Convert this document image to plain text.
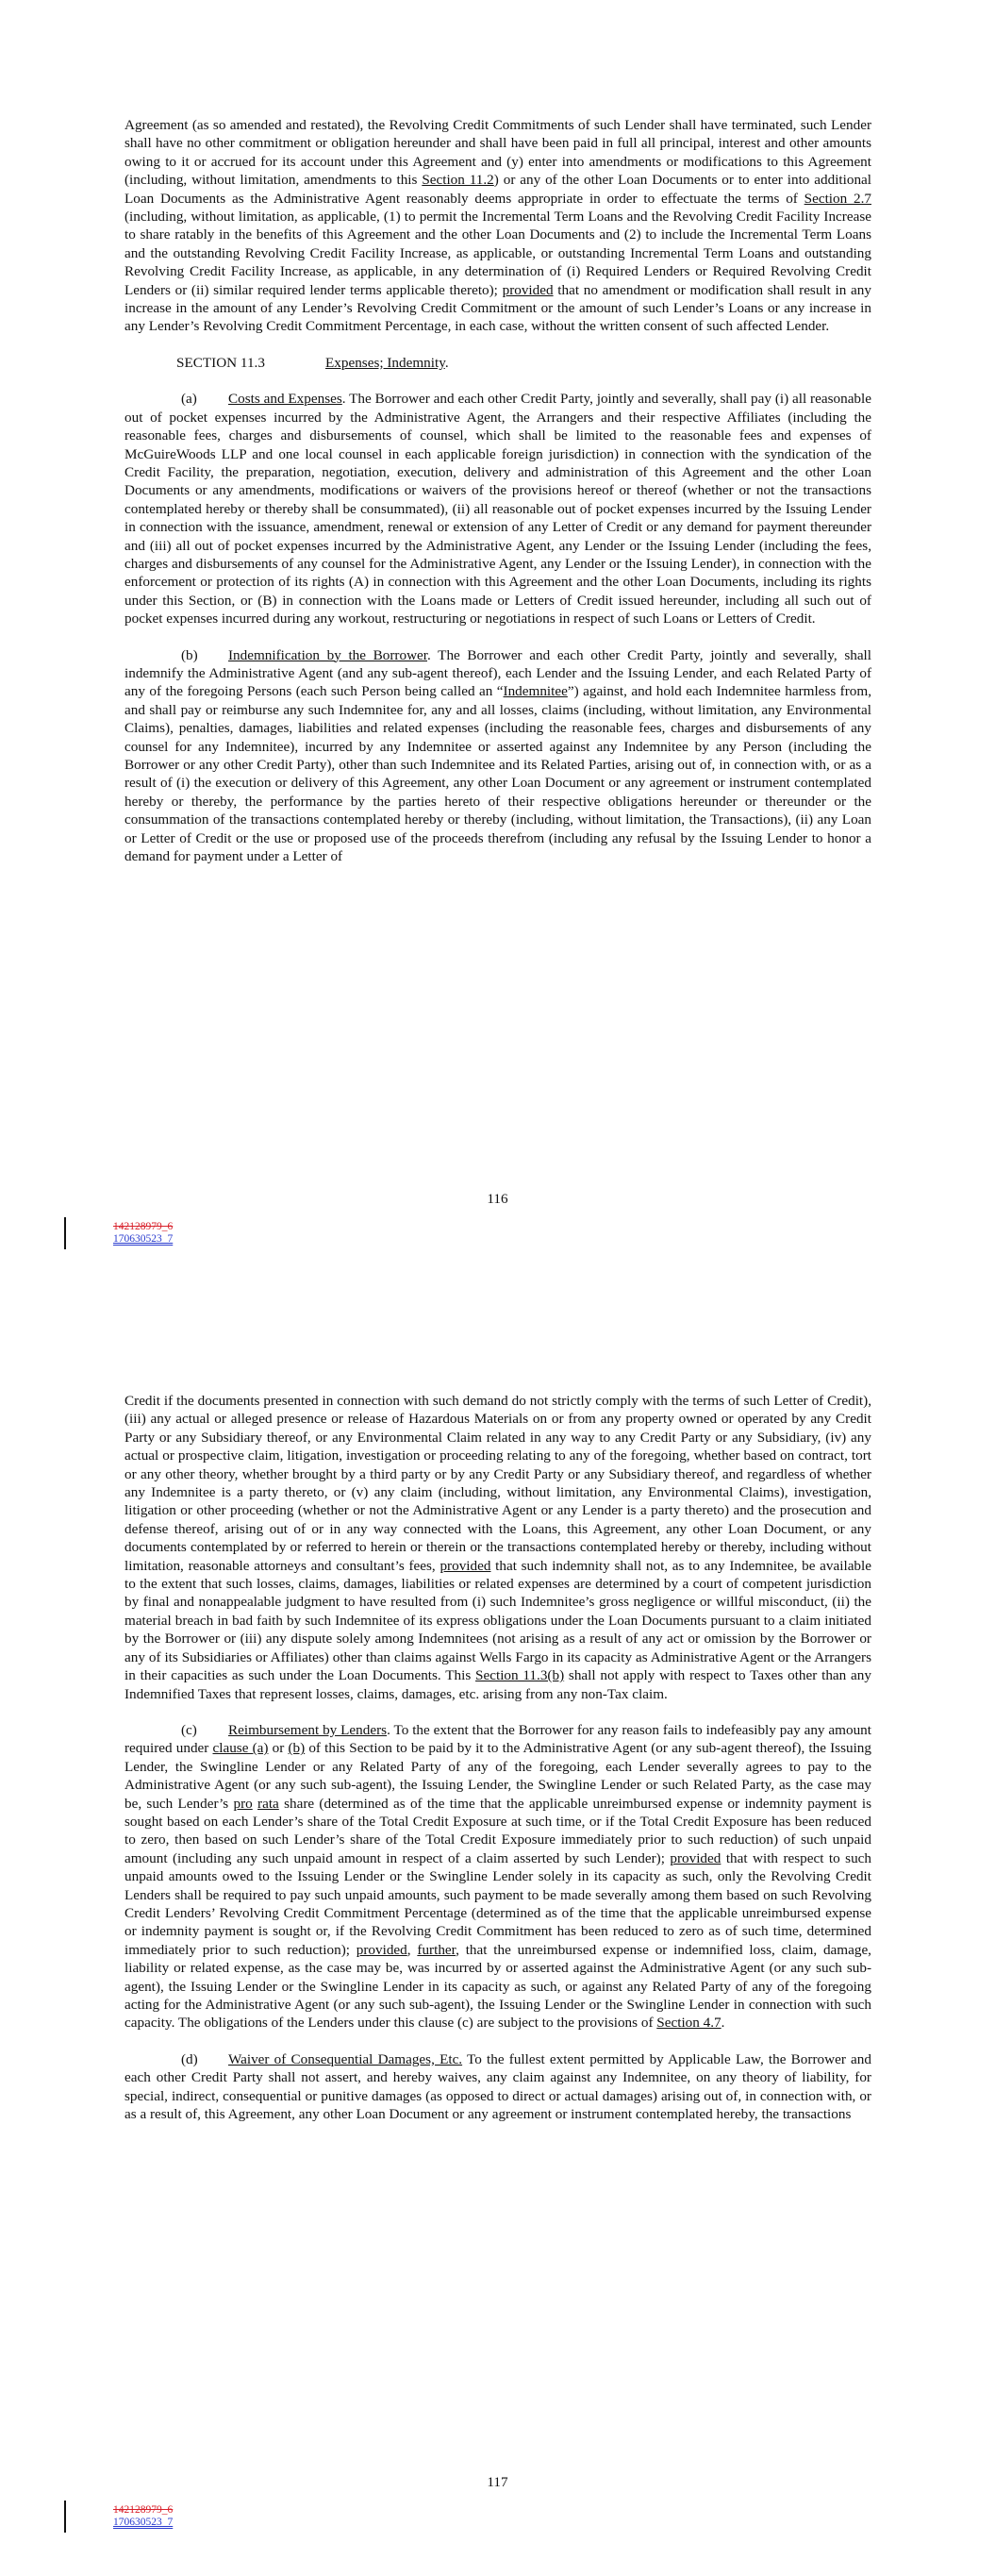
Agreement (as so amended and restated), the Revolving Credit Commitments of such Lender shall have terminated, such Lender shall have no other commitment or obligation hereunder and shall have been paid in full all principal, interest and other amounts owing to it or accrued for its account under this Agreement and (y) enter into amendments or modifications to this Agreement (including, without limitation, amendments to this Section 11.2) or any of the other Loan Documents or to enter into additional Loan Documents as the Administrative Agent reasonably deems appropriate in order to effectuate the terms of Section 2.7 (including, without limitation, as applicable, (1) to permit the Incremental Term Loans and the Revolving Credit Facility Increase to share ratably in the benefits of this Agreement and the other Loan Documents and (2) to include the Incremental Term Loans and the outstanding Revolving Credit Facility Increase, as applicable, or outstanding Incremental Term Loans and outstanding Revolving Credit Facility Increase, as applicable, in any determination of (i) Required Lenders or Required Revolving Credit Lenders or (ii) similar required lender terms applicable thereto); provided that no amendment or modification shall result in any increase in the amount of any Lender’s Revolving Credit Commitment or the amount of such Lender’s Loans or any increase in any Lender’s Revolving Credit Commitment Percentage, in each case, without the written consent of such affected Lender.

SECTION 11.3	Expenses; Indemnity.

(a) Costs and Expenses. The Borrower and each other Credit Party, jointly and severally, shall pay (i) all reasonable out of pocket expenses incurred by the Administrative Agent, the Arrangers and their respective Affiliates (including the reasonable fees, charges and disbursements of counsel, which shall be limited to the reasonable fees and expenses of McGuireWoods LLP and one local counsel in each applicable foreign jurisdiction) in connection with the syndication of the Credit Facility, the preparation, negotiation, execution, delivery and administration of this Agreement and the other Loan Documents or any amendments, modifications or waivers of the provisions hereof or thereof (whether or not the transactions contemplated hereby or thereby shall be consummated), (ii) all reasonable out of pocket expenses incurred by the Issuing Lender in connection with the issuance, amendment, renewal or extension of any Letter of Credit or any demand for payment thereunder and (iii) all out of pocket expenses incurred by the Administrative Agent, any Lender or the Issuing Lender (including the fees, charges and disbursements of any counsel for the Administrative Agent, any Lender or the Issuing Lender), in connection with the enforcement or protection of its rights (A) in connection with this Agreement and the other Loan Documents, including its rights under this Section, or (B) in connection with the Loans made or Letters of Credit issued hereunder, including all such out of pocket expenses incurred during any workout, restructuring or negotiations in respect of such Loans or Letters of Credit.

(b) Indemnification by the Borrower. The Borrower and each other Credit Party, jointly and severally, shall indemnify the Administrative Agent (and any sub-agent thereof), each Lender and the Issuing Lender, and each Related Party of any of the foregoing Persons (each such Person being called an “Indemnitee”) against, and hold each Indemnitee harmless from, and shall pay or reimburse any such Indemnitee for, any and all losses, claims (including, without limitation, any Environmental Claims), penalties, damages, liabilities and related expenses (including the reasonable fees, charges and disbursements of any counsel for any Indemnitee), incurred by any Indemnitee or asserted against any Indemnitee by any Person (including the Borrower or any other Credit Party), other than such Indemnitee and its Related Parties, arising out of, in connection with, or as a result of (i) the execution or delivery of this Agreement, any other Loan Document or any agreement or instrument contemplated hereby or thereby, the performance by the parties hereto of their respective obligations hereunder or thereunder or the consummation of the transactions contemplated hereby or thereby (including, without limitation, the Transactions), (ii) any Loan or Letter of Credit or the use or proposed use of the proceeds therefrom (including any refusal by the Issuing Lender to honor a demand for payment under a Letter of

116
142128979_6
170630523_7

Credit if the documents presented in connection with such demand do not strictly comply with the terms of such Letter of Credit), (iii) any actual or alleged presence or release of Hazardous Materials on or from any property owned or operated by any Credit Party or any Subsidiary thereof, or any Environmental Claim related in any way to any Credit Party or any Subsidiary, (iv) any actual or prospective claim, litigation, investigation or proceeding relating to any of the foregoing, whether based on contract, tort or any other theory, whether brought by a third party or by any Credit Party or any Subsidiary thereof, and regardless of whether any Indemnitee is a party thereto, or (v) any claim (including, without limitation, any Environmental Claims), investigation, litigation or other proceeding (whether or not the Administrative Agent or any Lender is a party thereto) and the prosecution and defense thereof, arising out of or in any way connected with the Loans, this Agreement, any other Loan Document, or any documents contemplated by or referred to herein or therein or the transactions contemplated hereby or thereby, including without limitation, reasonable attorneys and consultant’s fees, provided that such indemnity shall not, as to any Indemnitee, be available to the extent that such losses, claims, damages, liabilities or related expenses are determined by a court of competent jurisdiction by final and nonappealable judgment to have resulted from (i) such Indemnitee’s gross negligence or willful misconduct, (ii) the material breach in bad faith by such Indemnitee of its express obligations under the Loan Documents pursuant to a claim initiated by the Borrower or (iii) any dispute solely among Indemnitees (not arising as a result of any act or omission by the Borrower or any of its Subsidiaries or Affiliates) other than claims against Wells Fargo in its capacity as Administrative Agent or the Arrangers in their capacities as such under the Loan Documents. This Section 11.3(b) shall not apply with respect to Taxes other than any Indemnified Taxes that represent losses, claims, damages, etc. arising from any non-Tax claim.

(c) Reimbursement by Lenders. To the extent that the Borrower for any reason fails to indefeasibly pay any amount required under clause (a) or (b) of this Section to be paid by it to the Administrative Agent (or any sub-agent thereof), the Issuing Lender, the Swingline Lender or any Related Party of any of the foregoing, each Lender severally agrees to pay to the Administrative Agent (or any such sub-agent), the Issuing Lender, the Swingline Lender or such Related Party, as the case may be, such Lender’s pro rata share (determined as of the time that the applicable unreimbursed expense or indemnity payment is sought based on each Lender’s share of the Total Credit Exposure at such time, or if the Total Credit Exposure has been reduced to zero, then based on such Lender’s share of the Total Credit Exposure immediately prior to such reduction) of such unpaid amount (including any such unpaid amount in respect of a claim asserted by such Lender); provided that with respect to such unpaid amounts owed to the Issuing Lender or the Swingline Lender solely in its capacity as such, only the Revolving Credit Lenders shall be required to pay such unpaid amounts, such payment to be made severally among them based on such Revolving Credit Lenders’ Revolving Credit Commitment Percentage (determined as of the time that the applicable unreimbursed expense or indemnity payment is sought or, if the Revolving Credit Commitment has been reduced to zero as of such time, determined immediately prior to such reduction); provided, further, that the unreimbursed expense or indemnified loss, claim, damage, liability or related expense, as the case may be, was incurred by or asserted against the Administrative Agent (or any such sub-agent), the Issuing Lender or the Swingline Lender in its capacity as such, or against any Related Party of any of the foregoing acting for the Administrative Agent (or any such sub-agent), the Issuing Lender or the Swingline Lender in connection with such capacity. The obligations of the Lenders under this clause (c) are subject to the provisions of Section 4.7.

(d) Waiver of Consequential Damages, Etc. To the fullest extent permitted by Applicable Law, the Borrower and each other Credit Party shall not assert, and hereby waives, any claim against any Indemnitee, on any theory of liability, for special, indirect, consequential or punitive damages (as opposed to direct or actual damages) arising out of, in connection with, or as a result of, this Agreement, any other Loan Document or any agreement or instrument contemplated hereby, the transactions

117
142128979_6
170630523_7
